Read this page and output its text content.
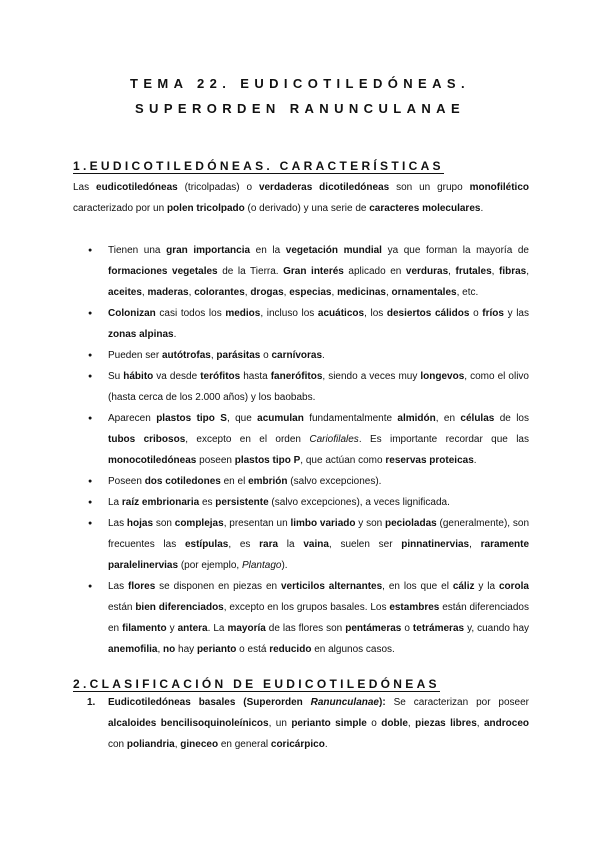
TEMA 22. EUDICOTILEDÓNEAS.
SUPERORDEN RANUNCULANAE
1.EUDICOTILEDÓNEAS. CARACTERÍSTICAS
Las eudicotiledóneas (tricolpadas) o verdaderas dicotiledóneas son un grupo monofilético caracterizado por un polen tricolpado (o derivado) y una serie de caracteres moleculares.
● Tienen una gran importancia en la vegetación mundial ya que forman la mayoría de formaciones vegetales de la Tierra. Gran interés aplicado en verduras, frutales, fibras, aceites, maderas, colorantes, drogas, especias, medicinas, ornamentales, etc.
● Colonizan casi todos los medios, incluso los acuáticos, los desiertos cálidos o fríos y las zonas alpinas.
● Pueden ser autótrofas, parásitas o carnívoras.
● Su hábito va desde terófitos hasta fanerófitos, siendo a veces muy longevos, como el olivo (hasta cerca de los 2.000 años) y los baobabs.
● Aparecen plastos tipo S, que acumulan fundamentalmente almidón, en células de los tubos cribosos, excepto en el orden Cariofilales. Es importante recordar que las monocotiledóneas poseen plastos tipo P, que actúan como reservas proteicas.
● Poseen dos cotiledones en el embrión (salvo excepciones).
● La raíz embrionaria es persistente (salvo excepciones), a veces lignificada.
● Las hojas son complejas, presentan un limbo variado y son pecioladas (generalmente), son frecuentes las estípulas, es rara la vaina, suelen ser pinnatinervias, raramente paralelinervias (por ejemplo, Plantago).
● Las flores se disponen en piezas en verticilos alternantes, en los que el cáliz y la corola están bien diferenciados, excepto en los grupos basales. Los estambres están diferenciados en filamento y antera. La mayoría de las flores son pentámeras o tetrámeras y, cuando hay anemofilia, no hay perianto o está reducido en algunos casos.
2.CLASIFICACIÓN DE EUDICOTILEDÓNEAS
1. Eudicotiledóneas basales (Superorden Ranunculanae): Se caracterizan por poseer alcaloides bencilisoquinoleínicos, un perianto simple o doble, piezas libres, androceo con poliandria, gineceo en general coricárpico.
